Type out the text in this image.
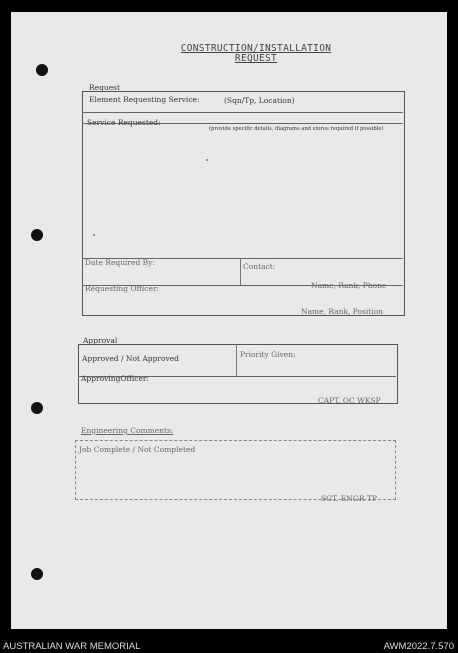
CONSTRUCTION/INSTALLATION
REQUEST
Request
Element Requesting Service:	(Sqn/Tp, Location)
Service Requested:
(provide specific details, diagrams and stores required if possible)
Date Required By:	Contact:
Name, Rank, Phone
Requesting Officer:
Name, Rank, Position
Approval
Approved / Not Approved	Priority Given:
ApprovingOfficer:
CAPT, OC WKSP
Engineering Comments:
Job Complete / Not Completed
SGT, ENGR TP
AUSTRALIAN WAR MEMORIAL	AWM2022.7.570
